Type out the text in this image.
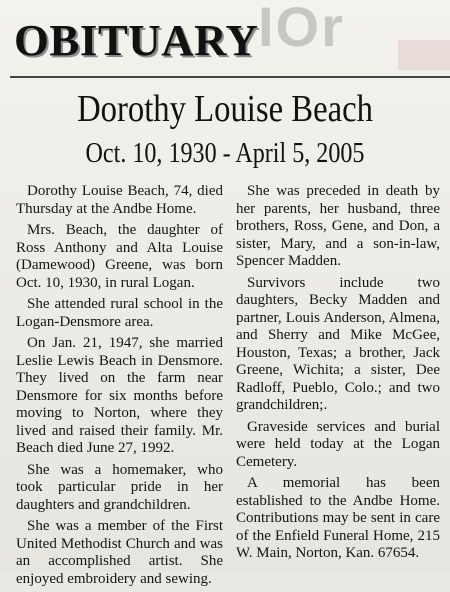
IOr
OBITUARY
Dorothy Louise Beach
Oct. 10, 1930 - April 5, 2005

Dorothy Louise Beach, 74, died Thursday at the Andbe Home.

Mrs. Beach, the daughter of Ross Anthony and Alta Louise (Damewood) Greene, was born Oct. 10, 1930, in rural Logan.

She attended rural school in the Logan-Densmore area.

On Jan. 21, 1947, she married Leslie Lewis Beach in Densmore. They lived on the farm near Densmore for six months before moving to Norton, where they lived and raised their family. Mr. Beach died June 27, 1992.

She was a homemaker, who took particular pride in her daughters and grandchildren.

She was a member of the First United Methodist Church and was an accomplished artist. She enjoyed embroidery and sewing.

She was preceded in death by her parents, her husband, three brothers, Ross, Gene, and Don, a sister, Mary, and a son-in-law, Spencer Madden.

Survivors include two daughters, Becky Madden and partner, Louis Anderson, Almena, and Sherry and Mike McGee, Houston, Texas; a brother, Jack Greene, Wichita; a sister, Dee Radloff, Pueblo, Colo.; and two grandchildren;.

Graveside services and burial were held today at the Logan Cemetery.

A memorial has been established to the Andbe Home. Contributions may be sent in care of the Enfield Funeral Home, 215 W. Main, Norton, Kan. 67654.
